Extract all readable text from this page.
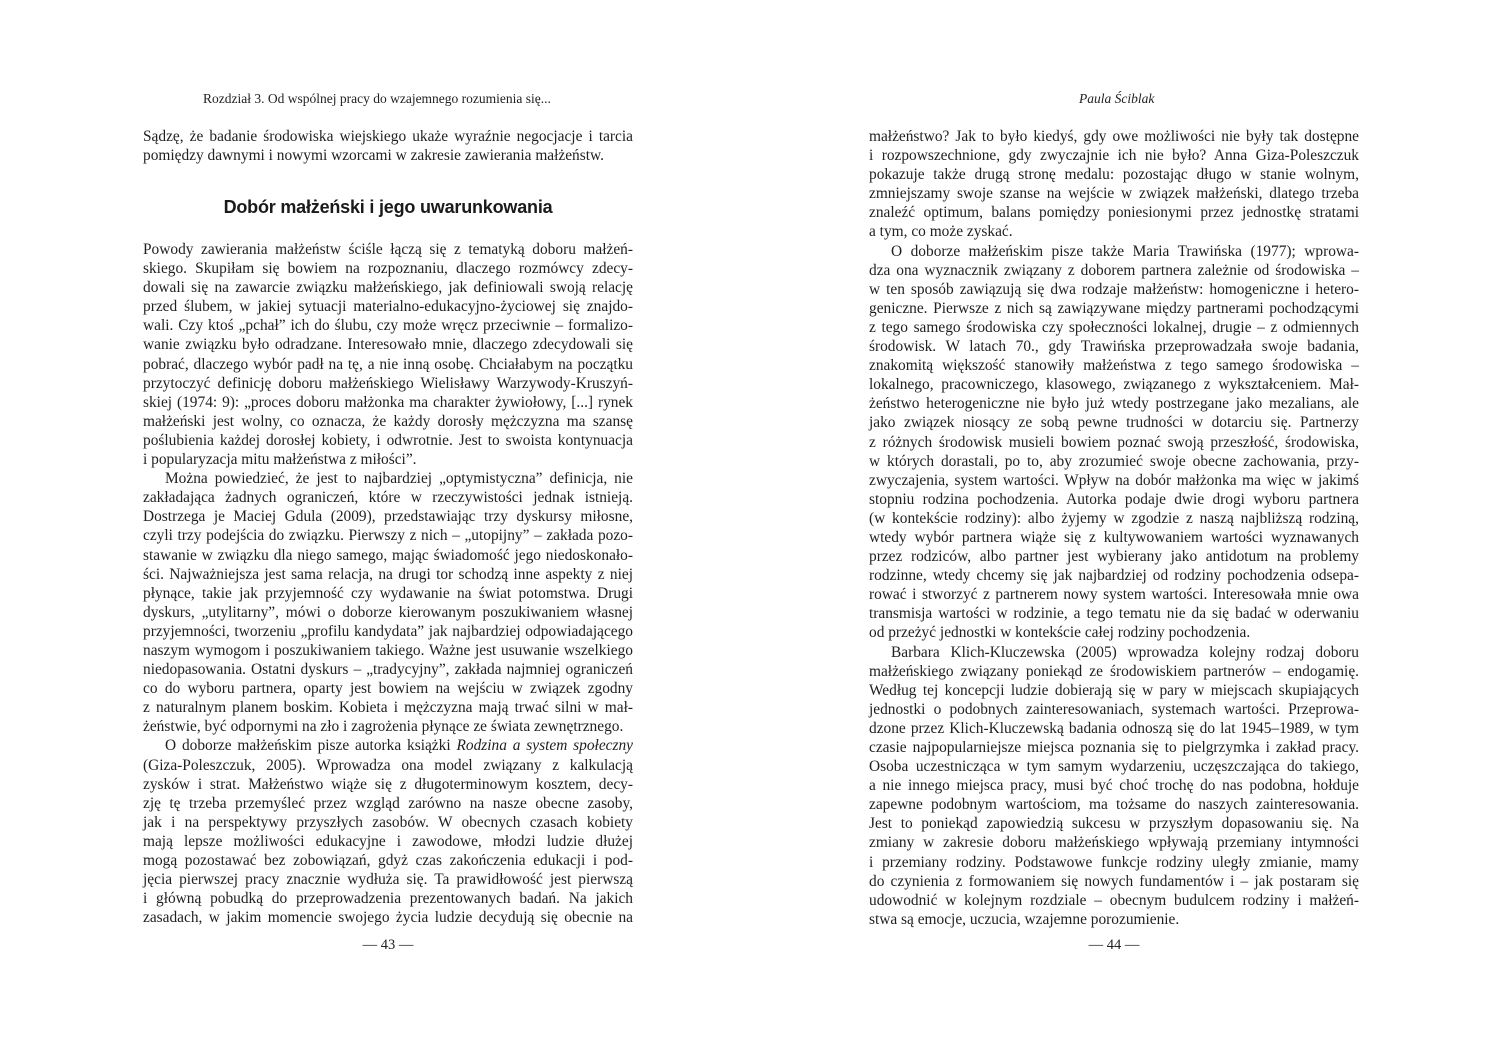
Rozdział 3. Od wspólnej pracy do wzajemnego rozumienia się...
Sądzę, że badanie środowiska wiejskiego ukaże wyraźnie negocjacje i tarcia
pomiędzy dawnymi i nowymi wzorcami w zakresie zawierania małżeństw.
Dobór małżeński i jego uwarunkowania
Powody zawierania małżeństw ściśle łączą się z tematyką doboru małżeń-
skiego. Skupiłam się bowiem na rozpoznaniu, dlaczego rozmówcy zdecy-
dowali się na zawarcie związku małżeńskiego, jak definiowali swoją relację
przed ślubem, w jakiej sytuacji materialno-edukacyjno-życiowej się znajdo-
wali. Czy ktoś „pchał” ich do ślubu, czy może wręcz przeciwnie – formalizo-
wanie związku było odradzane. Interesowało mnie, dlaczego zdecydowali się
pobrać, dlaczego wybór padł na tę, a nie inną osobę. Chciałabym na początku
przytoczyć definicję doboru małżeńskiego Wielisławy Warzywody-Kruszyń-
skiej (1974: 9): „proces doboru małżonka ma charakter żywiołowy, [...] rynek
małżeński jest wolny, co oznacza, że każdy dorosły mężczyzna ma szansę
poślubienia każdej dorosłej kobiety, i odwrotnie. Jest to swoista kontynuacja
i popularyzacja mitu małżeństwa z miłości”.
Można powiedzieć, że jest to najbardziej „optymistyczna” definicja, nie
zakładająca żadnych ograniczeń, które w rzeczywistości jednak istnieją.
Dostrzega je Maciej Gdula (2009), przedstawiając trzy dyskursy miłosne,
czyli trzy podejścia do związku. Pierwszy z nich – „utopijny” – zakłada pozo-
stawanie w związku dla niego samego, mając świadomość jego niedoskonało-
ści. Najważniejsza jest sama relacja, na drugi tor schodzą inne aspekty z niej
płynące, takie jak przyjemność czy wydawanie na świat potomstwa. Drugi
dyskurs, „utylitarny”, mówi o doborze kierowanym poszukiwaniem własnej
przyjemności, tworzeniu „profilu kandydata” jak najbardziej odpowiadającego
naszym wymogom i poszukiwaniem takiego. Ważne jest usuwanie wszelkiego
niedopasowania. Ostatni dyskurs – „tradycyjny”, zakłada najmniej ograniczeń
co do wyboru partnera, oparty jest bowiem na wejściu w związek zgodny
z naturalnym planem boskim. Kobieta i mężczyzna mają trwać silni w mał-
żeństwie, być odpornymi na zło i zagrożenia płynące ze świata zewnętrznego.
O doborze małżeńskim pisze autorka książki Rodzina a system społeczny
(Giza-Poleszczuk, 2005). Wprowadza ona model związany z kalkulacją
zysków i strat. Małżeństwo wiąże się z długoterminowym kosztem, decy-
zję tę trzeba przemyśleć przez wzgląd zarówno na nasze obecne zasoby,
jak i na perspektywy przyszłych zasobów. W obecnych czasach kobiety
mają lepsze możliwości edukacyjne i zawodowe, młodzi ludzie dłużej
mogą pozostawać bez zobowiązań, gdyż czas zakończenia edukacji i pod-
jęcia pierwszej pracy znacznie wydłuża się. Ta prawidłowość jest pierwszą
i główną pobudką do przeprowadzenia prezentowanych badań. Na jakich
zasadach, w jakim momencie swojego życia ludzie decydują się obecnie na
— 43 —
Paula Ściblak
małżeństwo? Jak to było kiedyś, gdy owe możliwości nie były tak dostępne
i rozpowszechnione, gdy zwyczajnie ich nie było? Anna Giza-Poleszczuk
pokazuje także drugą stronę medalu: pozostając długo w stanie wolnym,
zmniejszamy swoje szanse na wejście w związek małżeński, dlatego trzeba
znaleźć optimum, balans pomiędzy poniesionymi przez jednostkę stratami
a tym, co może zyskać.
O doborze małżeńskim pisze także Maria Trawińska (1977); wprowa-
dza ona wyznacznik związany z doborem partnera zależnie od środowiska –
w ten sposób zawiązują się dwa rodzaje małżeństw: homogeniczne i hetero-
geniczne. Pierwsze z nich są zawiązywane między partnerami pochodzącymi
z tego samego środowiska czy społeczności lokalnej, drugie – z odmiennych
środowisk. W latach 70., gdy Trawińska przeprowadzała swoje badania,
znakomitą większość stanowiły małżeństwa z tego samego środowiska –
lokalnego, pracowniczego, klasowego, związanego z wykształceniem. Mał-
żeństwo heterogeniczne nie było już wtedy postrzegane jako mezalians, ale
jako związek niosący ze sobą pewne trudności w dotarciu się. Partnerzy
z różnych środowisk musieli bowiem poznać swoją przeszłość, środowiska,
w których dorastali, po to, aby zrozumieć swoje obecne zachowania, przy-
zwyczajenia, system wartości. Wpływ na dobór małżonka ma więc w jakimś
stopniu rodzina pochodzenia. Autorka podaje dwie drogi wyboru partnera
(w kontekście rodziny): albo żyjemy w zgodzie z naszą najbliższą rodziną,
wtedy wybór partnera wiąże się z kultywowaniem wartości wyznawanych
przez rodziców, albo partner jest wybierany jako antidotum na problemy
rodzinne, wtedy chcemy się jak najbardziej od rodziny pochodzenia odsepa-
rować i stworzyć z partnerem nowy system wartości. Interesowała mnie owa
transmisja wartości w rodzinie, a tego tematu nie da się badać w oderwaniu
od przeżyć jednostki w kontekście całej rodziny pochodzenia.
Barbara Klich-Kluczewska (2005) wprowadza kolejny rodzaj doboru
małżeńskiego związany poniekąd ze środowiskiem partnerów – endogamię.
Według tej koncepcji ludzie dobierają się w pary w miejscach skupiających
jednostki o podobnych zainteresowaniach, systemach wartości. Przeprowa-
dzone przez Klich-Kluczewską badania odnoszą się do lat 1945–1989, w tym
czasie najpopularniejsze miejsca poznania się to pielgrzymka i zakład pracy.
Osoba uczestnicząca w tym samym wydarzeniu, uczęszczająca do takiego,
a nie innego miejsca pracy, musi być choć trochę do nas podobna, hołduje
zapewne podobnym wartościom, ma tożsame do naszych zainteresowania.
Jest to poniekąd zapowiedzią sukcesu w przyszłym dopasowaniu się. Na
zmiany w zakresie doboru małżeńskiego wpływają przemiany intymności
i przemiany rodziny. Podstawowe funkcje rodziny uległy zmianie, mamy
do czynienia z formowaniem się nowych fundamentów i – jak postaram się
udowodnić w kolejnym rozdziale – obecnym budulcem rodziny i małżeń-
stwa są emocje, uczucia, wzajemne porozumienie.
— 44 —
